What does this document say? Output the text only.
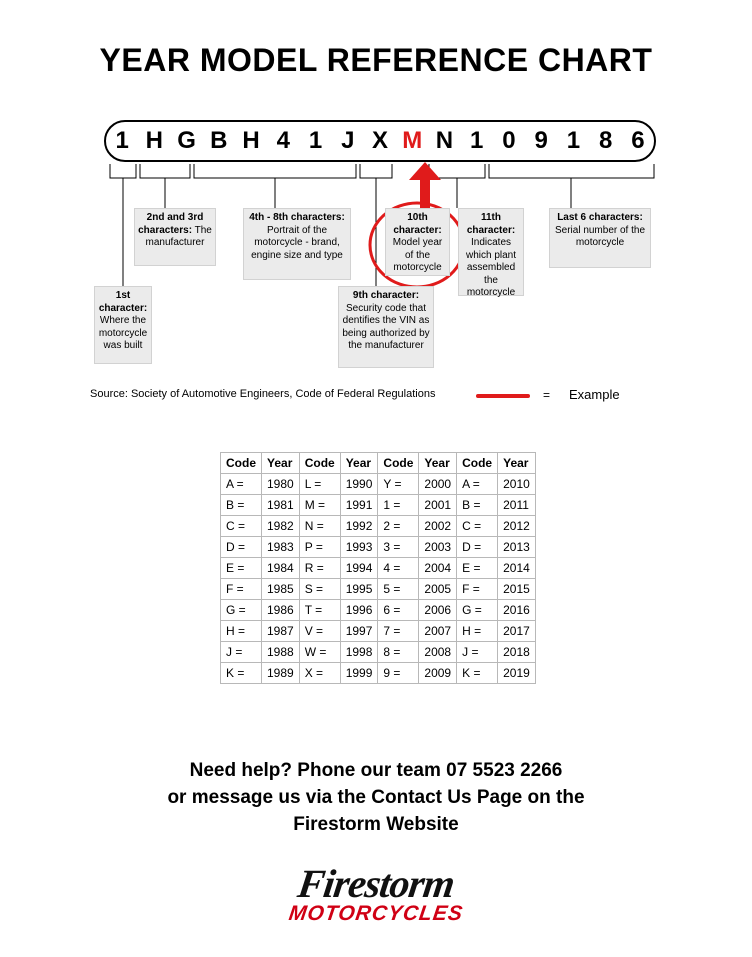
YEAR MODEL REFERENCE CHART
1 H G B H 4 1 J X M N 1 0 9 1 8 6
1st character: Where the motorcycle was built
2nd and 3rd characters: The manufacturer
4th - 8th characters: Portrait of the motorcycle - brand, engine size and type
9th character: Security code that dentifies the VIN as being authorized by the manufacturer
10th character: Model year of the motorcycle
11th character: Indicates which plant assembled the motorcycle
Last 6 characters: Serial number of the motorcycle
Source: Society of Automotive Engineers, Code of Federal Regulations	= Example
Code	Year	Code	Year	Code	Year	Code	Year
A =	1980	L =	1990	Y =	2000	A =	2010
B =	1981	M =	1991	1 =	2001	B =	2011
C =	1982	N =	1992	2 =	2002	C =	2012
D =	1983	P =	1993	3 =	2003	D =	2013
E =	1984	R =	1994	4 =	2004	E =	2014
F =	1985	S =	1995	5 =	2005	F =	2015
G =	1986	T =	1996	6 =	2006	G =	2016
H =	1987	V =	1997	7 =	2007	H =	2017
J =	1988	W =	1998	8 =	2008	J =	2018
K =	1989	X =	1999	9 =	2009	K =	2019
Need help? Phone our team 07 5523 2266
or message us via the Contact Us Page on the
Firestorm Website
Firestorm
MOTORCYCLES
